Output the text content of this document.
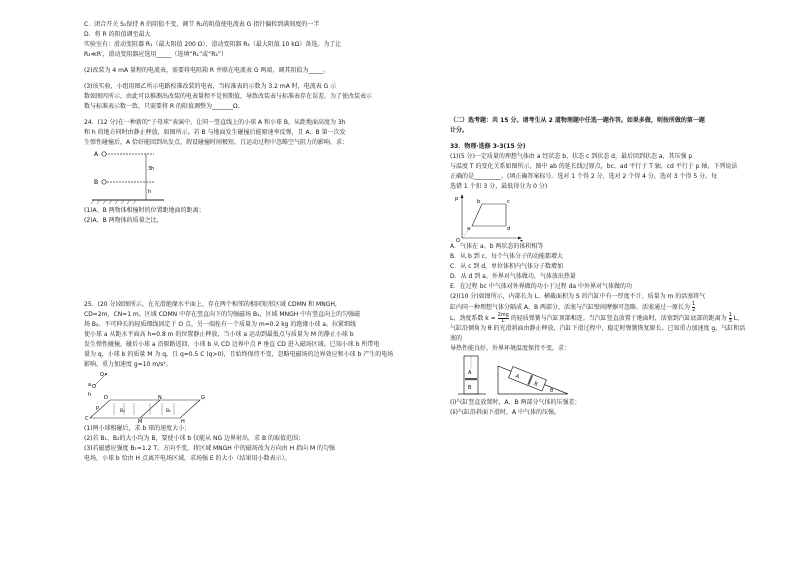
C．闭合开关 S₁保持 R 的阻值不变，调节 R₂的阻值使电流表 G 指针偏转到满刻度的一半

D．将 R 的阻值调至最大

实验室有：滑动变阻器 R₁（最大阻值 200 Ω）、滑动变阻器 R₂（最大阻值 10 kΩ）备选。为了让

R₂≪R′，滑动变阻器应选用_____（选填“R₁”或“R₂”）

(2)改装为 4 mA 量程的电流表，需要将电阻箱 R 并联在电流表 G 两端，调其阻值为_____。

(3)该实验，小组用图乙所示电路校准改装的电表，当标准表的示数为 3.2 mA 时，电流表 G 示

数如图丙所示，由此可以推测出改装的电表量程不是预期值，导致改装表与标准表存在误差。为了使改装表示

数与标准表示数一致，只需要将 R 的阻值调整为_______Ω。

24．(12 分)在一种新的“子母球”表演中，让同一竖直线上的小球 A 和小球 B，从距地面高度为 3h

和 h 的地方同时由静止释放，如图所示。若 B 与地面发生碰撞后能原速率反弹，且 A、B 第一次发

生弹性碰撞后，A 恰好能回到出发点，假设碰撞时间极短，且运动过程中忽略空气阻力的影响，求：

A
B
3h
h

(1)A、B 两物体相撞时的位置距地面的距离；

(2)A、B 两物体的质量之比。

25．(20 分)如图所示，在光滑绝缘水平面上，存在两个相邻的相同矩形区域 CDMN 和 MNGH，

CD=2m，CN=1 m。区域 CDMN 中存在竖直向下的匀强磁场 B₁，区域 MNGH 中有竖直向上的匀强磁

场 B₂。不可伸长的轻质细线固定于 O 点，另一端拴有一个质量为 m=0.2 kg 的绝缘小球 a。拉紧细线

使小球 a 从距水平面高 h=0.8 m 的位置静止释放，当小球 a 运动到最低点与质量为 M 的静止小球 b

发生弹性碰撞，碰后小球 a 沿原路返回，小球 b 从 CD 边界中点 P 垂直 CD 进入磁场区域。已知小球 b 所带电

量为 q，小球 b 的质量 M 为 q，且 q=0.5 C (q>0)，且始终保持不变，忽略电磁场的边界效应和小球 b 产生的电场

影响，重力加速度 g=10 m/s²。

O
a
h
C
D
P
M
N	G
H
B₁	B₂

(1)两小球相碰后，求 b 球的速度大小；

(2)若 B₁、B₂的大小均为 B，要使小球 b 仅能从 NG 边界射出，求 B 的取值范围；

(3)若磁感应强度 B₁=1.2 T，方向不变，将区域 MNGH 中的磁场改为方向由 H 指向 M 的匀强

电场，小球 b 恰由 H 点离开电场区域，求场强 E 的大小（结果用小数表示）。

（二）选考题：共 15 分。请考生从 2 道物理题中任选一题作答。如果多做，则按所做的第一题

计分。

33．物理·选修 3-3(15 分)

(1)(5 分)一定质量的理想气体由 a 经状态 b、状态 c 到状态 d，最后回到状态 a，其压强 p

与温度 T 的变化关系如图所示，图中 ab 的延长线过原点，bc、ad 平行于 T 轴，cd 平行于 p 轴，下列说法

正确的是_________。(填正确答案标号。选对 1 个得 2 分，选对 2 个得 4 分，选对 3 个得 5 分。每

选错 1 个扣 3 分，最低得分为 0 分)

p
O
a
b	c
d

A．气体在 a、b 两状态的体积相等

B．从 b 到 c，每个气体分子的动能都增大

C．从 c 到 d，单位体积内气体分子数增加

D．从 d 到 a，外界对气体做功，气体放出热量

E．在过程 bc 中气体对外界做的功小于过程 da 中外界对气体做的功

(2)(10 分)如图所示，内部长为 L、横截面积为 S 的汽缸中有一厚度不计、质量为 m 的活塞将气

缸内同一种理想气体分隔成 A、B 两部分，活塞与汽缸壁间摩擦可忽略，活塞通过一原长为 $\frac{1}{2}$

L，劲度系数 $k = \frac{2mg}{L}$ 的轻质弹簧与汽缸顶部相连。当汽缸竖直放置于地面时，活塞到汽缸底部的距离为 $\frac{1}{3}$ L。

气缸沿倾角为 θ 的光滑斜面由静止释放，汽缸下滑过程中，稳定时弹簧恢复原长。已知重力加速度 g，气缸和活塞的

导热性能良好，外界环境温度保持不变，求：

A
B
A
B
θ

(i)气缸竖直放置时，A、B 两部分气体的压强差；

(ii)气缸沿斜面下滑时，A 中气体的压强。
